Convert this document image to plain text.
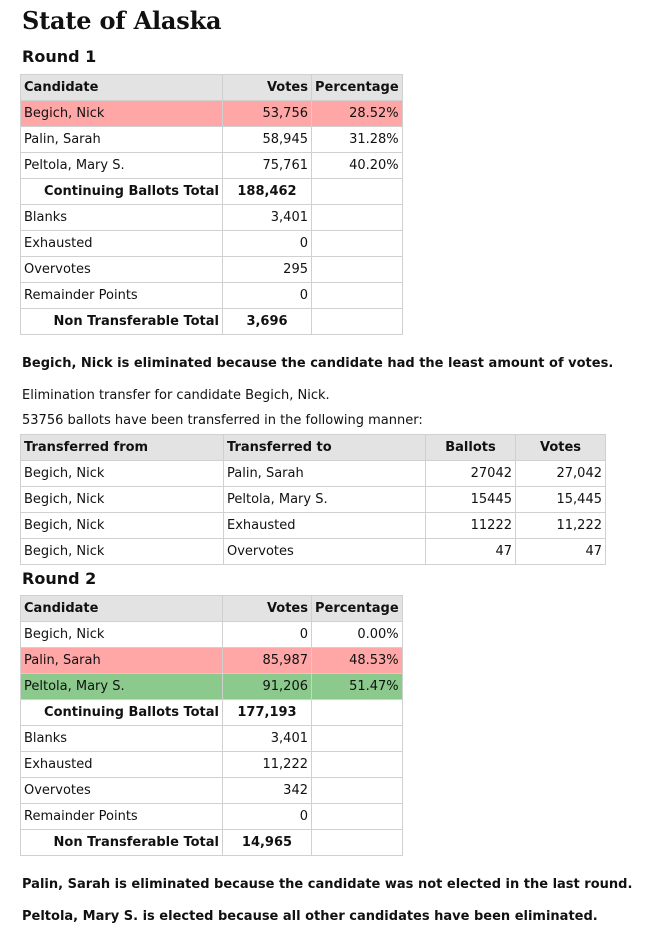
State of Alaska
Round 1
Candidate	Votes	Percentage
Begich, Nick	53,756	28.52%
Palin, Sarah	58,945	31.28%
Peltola, Mary S.	75,761	40.20%
Continuing Ballots Total	188,462	
Blanks	3,401	
Exhausted	0	
Overvotes	295	
Remainder Points	0	
Non Transferable Total	3,696	
Begich, Nick is eliminated because the candidate had the least amount of votes.
Elimination transfer for candidate Begich, Nick.
53756 ballots have been transferred in the following manner:
Transferred from	Transferred to	Ballots	Votes
Begich, Nick	Palin, Sarah	27042	27,042
Begich, Nick	Peltola, Mary S.	15445	15,445
Begich, Nick	Exhausted	11222	11,222
Begich, Nick	Overvotes	47	47
Round 2
Candidate	Votes	Percentage
Begich, Nick	0	0.00%
Palin, Sarah	85,987	48.53%
Peltola, Mary S.	91,206	51.47%
Continuing Ballots Total	177,193	
Blanks	3,401	
Exhausted	11,222	
Overvotes	342	
Remainder Points	0	
Non Transferable Total	14,965	
Palin, Sarah is eliminated because the candidate was not elected in the last round.
Peltola, Mary S. is elected because all other candidates have been eliminated.
